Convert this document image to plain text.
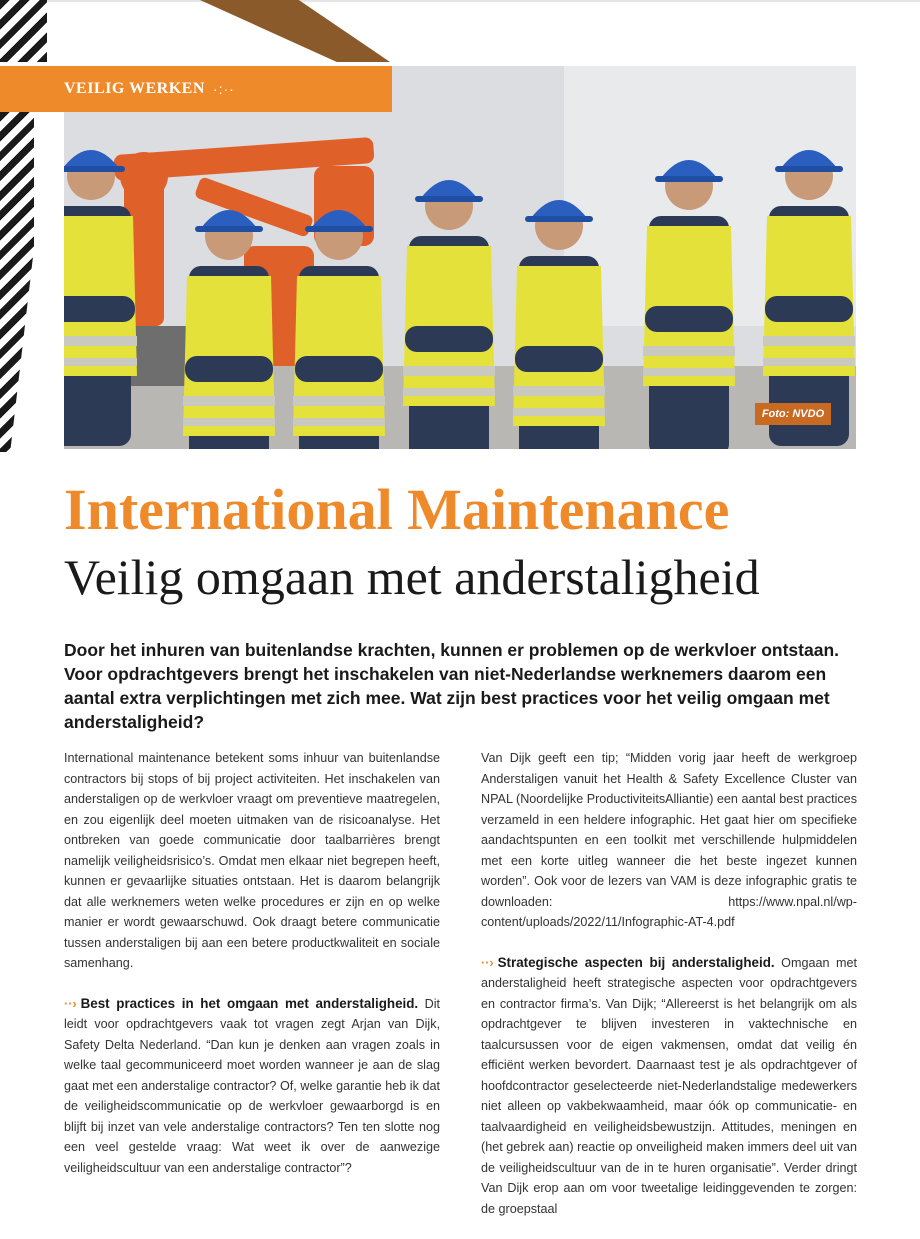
VEILIG WERKEN ·:··
Foto: NVDO
International Maintenance
Veilig omgaan met anderstaligheid

Door het inhuren van buitenlandse krachten, kunnen er problemen op de werkvloer ontstaan. Voor opdrachtgevers brengt het inschakelen van niet-Nederlandse werknemers daarom een aantal extra verplichtingen met zich mee. Wat zijn best practices voor het veilig omgaan met anderstaligheid?

International maintenance betekent soms inhuur van buitenlandse contractors bij stops of bij project activiteiten. Het inschakelen van anderstaligen op de werkvloer vraagt om preventieve maatregelen, en zou eigenlijk deel moeten uitmaken van de risicoanalyse. Het ontbreken van goede communicatie door taalbarrières brengt namelijk veiligheidsrisico’s. Omdat men elkaar niet begrepen heeft, kunnen er gevaarlijke situaties ontstaan. Het is daarom belangrijk dat alle werknemers weten welke procedures er zijn en op welke manier er wordt gewaarschuwd. Ook draagt betere communicatie tussen anderstaligen bij aan een betere productkwaliteit en sociale samenhang.

··› Best practices in het omgaan met anderstaligheid. Dit leidt voor opdrachtgevers vaak tot vragen zegt Arjan van Dijk, Safety Delta Nederland. “Dan kun je denken aan vragen zoals in welke taal gecommuniceerd moet worden wanneer je aan de slag gaat met een anderstalige contractor? Of, welke garantie heb ik dat de veiligheidscommunicatie op de werkvloer gewaarborgd is en blijft bij inzet van vele anderstalige contractors? Ten ten slotte nog een veel gestelde vraag: Wat weet ik over de aanwezige veiligheidscultuur van een anderstalige contractor”?

Van Dijk geeft een tip; “Midden vorig jaar heeft de werkgroep Anderstaligen vanuit het Health & Safety Excellence Cluster van NPAL (Noordelijke ProductiviteitsAlliantie) een aantal best practices verzameld in een heldere infographic. Het gaat hier om specifieke aandachtspunten en een toolkit met verschillende hulpmiddelen met een korte uitleg wanneer die het beste ingezet kunnen worden”. Ook voor de lezers van VAM is deze infographic gratis te downloaden: https://www.npal.nl/wp-content/uploads/2022/11/Infographic-AT-4.pdf

··› Strategische aspecten bij anderstaligheid. Omgaan met anderstaligheid heeft strategische aspecten voor opdrachtgevers en contractor firma’s. Van Dijk; “Allereerst is het belangrijk om als opdrachtgever te blijven investeren in vaktechnische en taalcursussen voor de eigen vakmensen, omdat dat veilig én efficiënt werken bevordert. Daarnaast test je als opdrachtgever of hoofdcontractor geselecteerde niet-Nederlandstalige medewerkers niet alleen op vakbekwaamheid, maar óók op communicatie- en taalvaardigheid en veiligheidsbewustzijn. Attitudes, meningen en (het gebrek aan) reactie op onveiligheid maken immers deel uit van de veiligheidscultuur van de in te huren organisatie”. Verder dringt Van Dijk erop aan om voor tweetalige leidinggevenden te zorgen: de groepstaal
